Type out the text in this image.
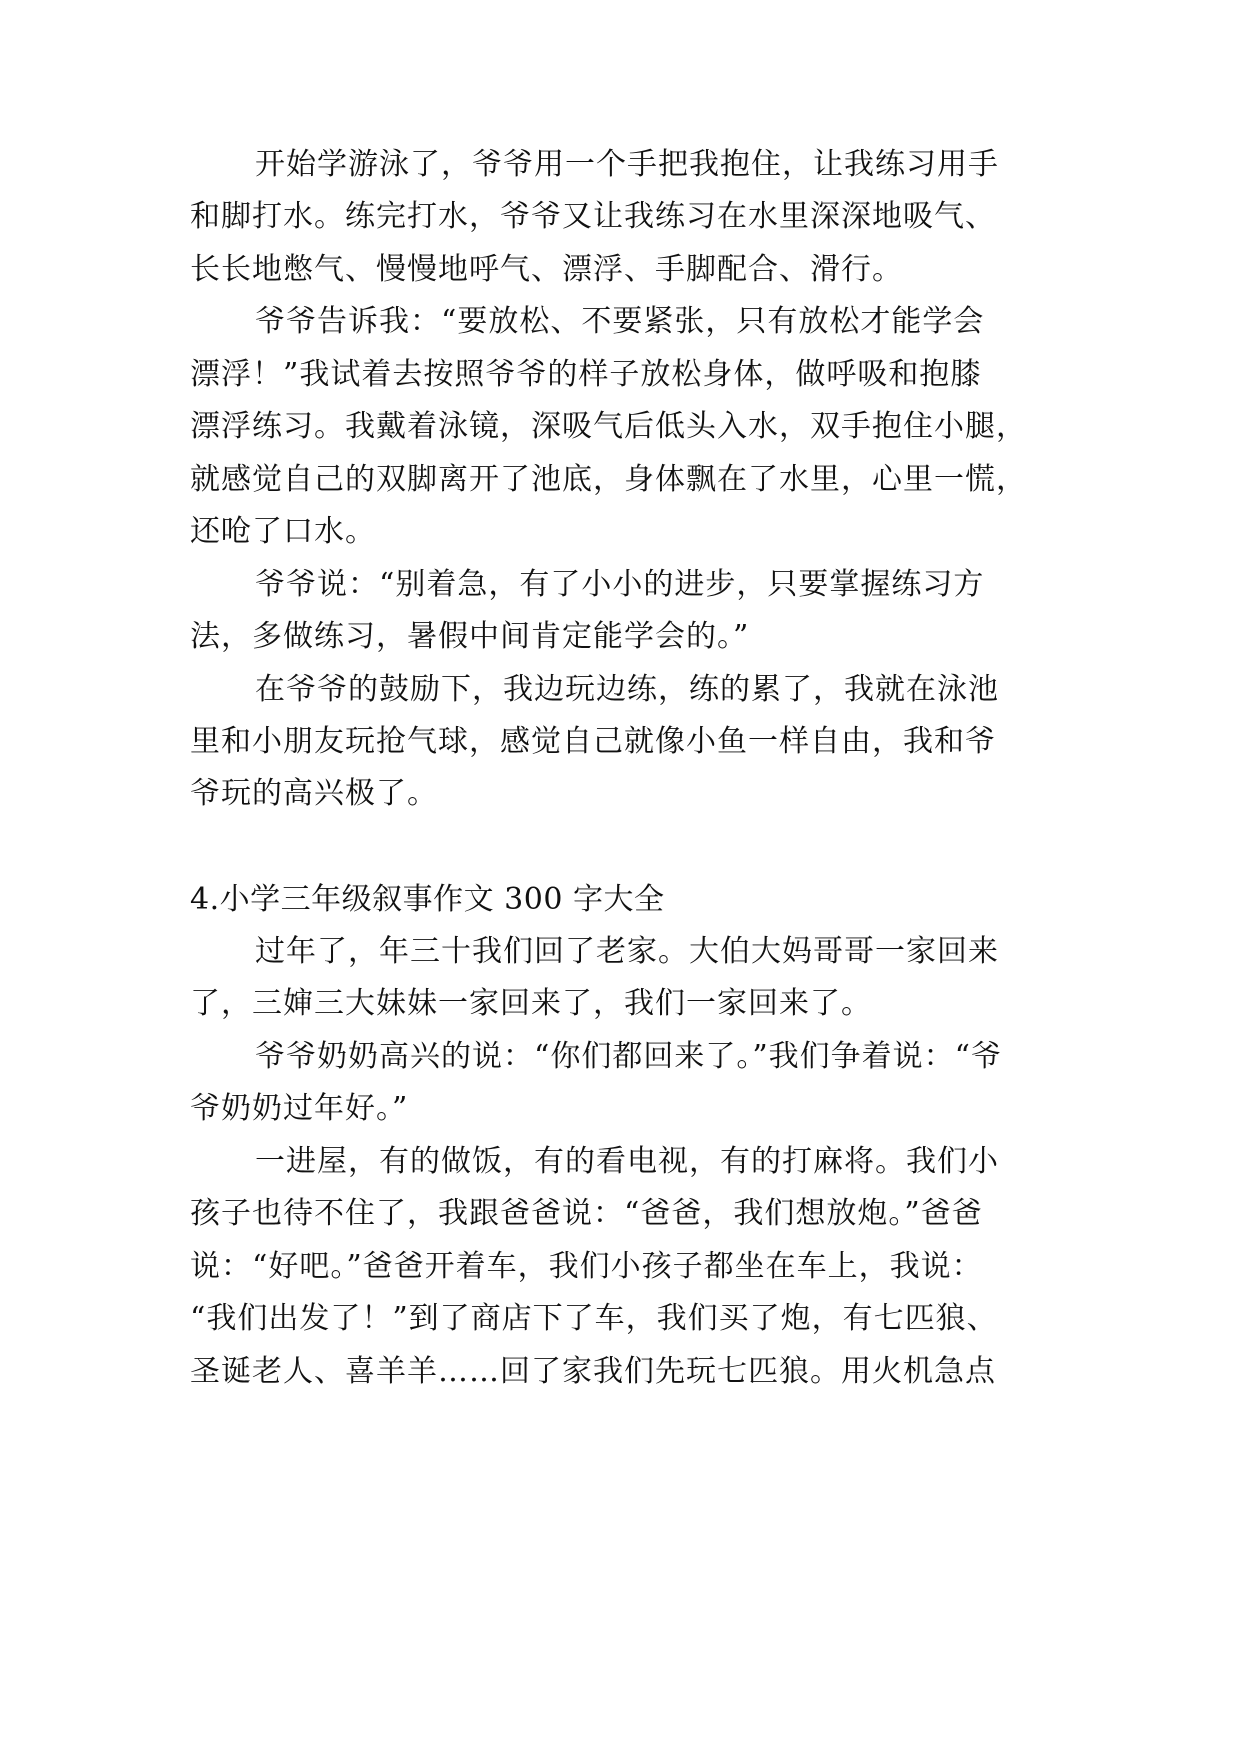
开始学游泳了，爷爷用一个手把我抱住，让我练习用手
和脚打水。练完打水，爷爷又让我练习在水里深深地吸气、
长长地憋气、慢慢地呼气、漂浮、手脚配合、滑行。
爷爷告诉我：“要放松、不要紧张，只有放松才能学会
漂浮！”我试着去按照爷爷的样子放松身体，做呼吸和抱膝
漂浮练习。我戴着泳镜，深吸气后低头入水，双手抱住小腿，
就感觉自己的双脚离开了池底，身体飘在了水里，心里一慌，
还呛了口水。
爷爷说：“别着急，有了小小的进步，只要掌握练习方
法，多做练习，暑假中间肯定能学会的。”
在爷爷的鼓励下，我边玩边练，练的累了，我就在泳池
里和小朋友玩抢气球，感觉自己就像小鱼一样自由，我和爷
爷玩的高兴极了。
4.小学三年级叙事作文 300 字大全
过年了，年三十我们回了老家。大伯大妈哥哥一家回来
了，三婶三大妹妹一家回来了，我们一家回来了。
爷爷奶奶高兴的说：“你们都回来了。”我们争着说：“爷
爷奶奶过年好。”
一进屋，有的做饭，有的看电视，有的打麻将。我们小
孩子也待不住了，我跟爸爸说：“爸爸，我们想放炮。”爸爸
说：“好吧。”爸爸开着车，我们小孩子都坐在车上，我说：
“我们出发了！”到了商店下了车，我们买了炮，有七匹狼、
圣诞老人、喜羊羊……回了家我们先玩七匹狼。用火机急点
